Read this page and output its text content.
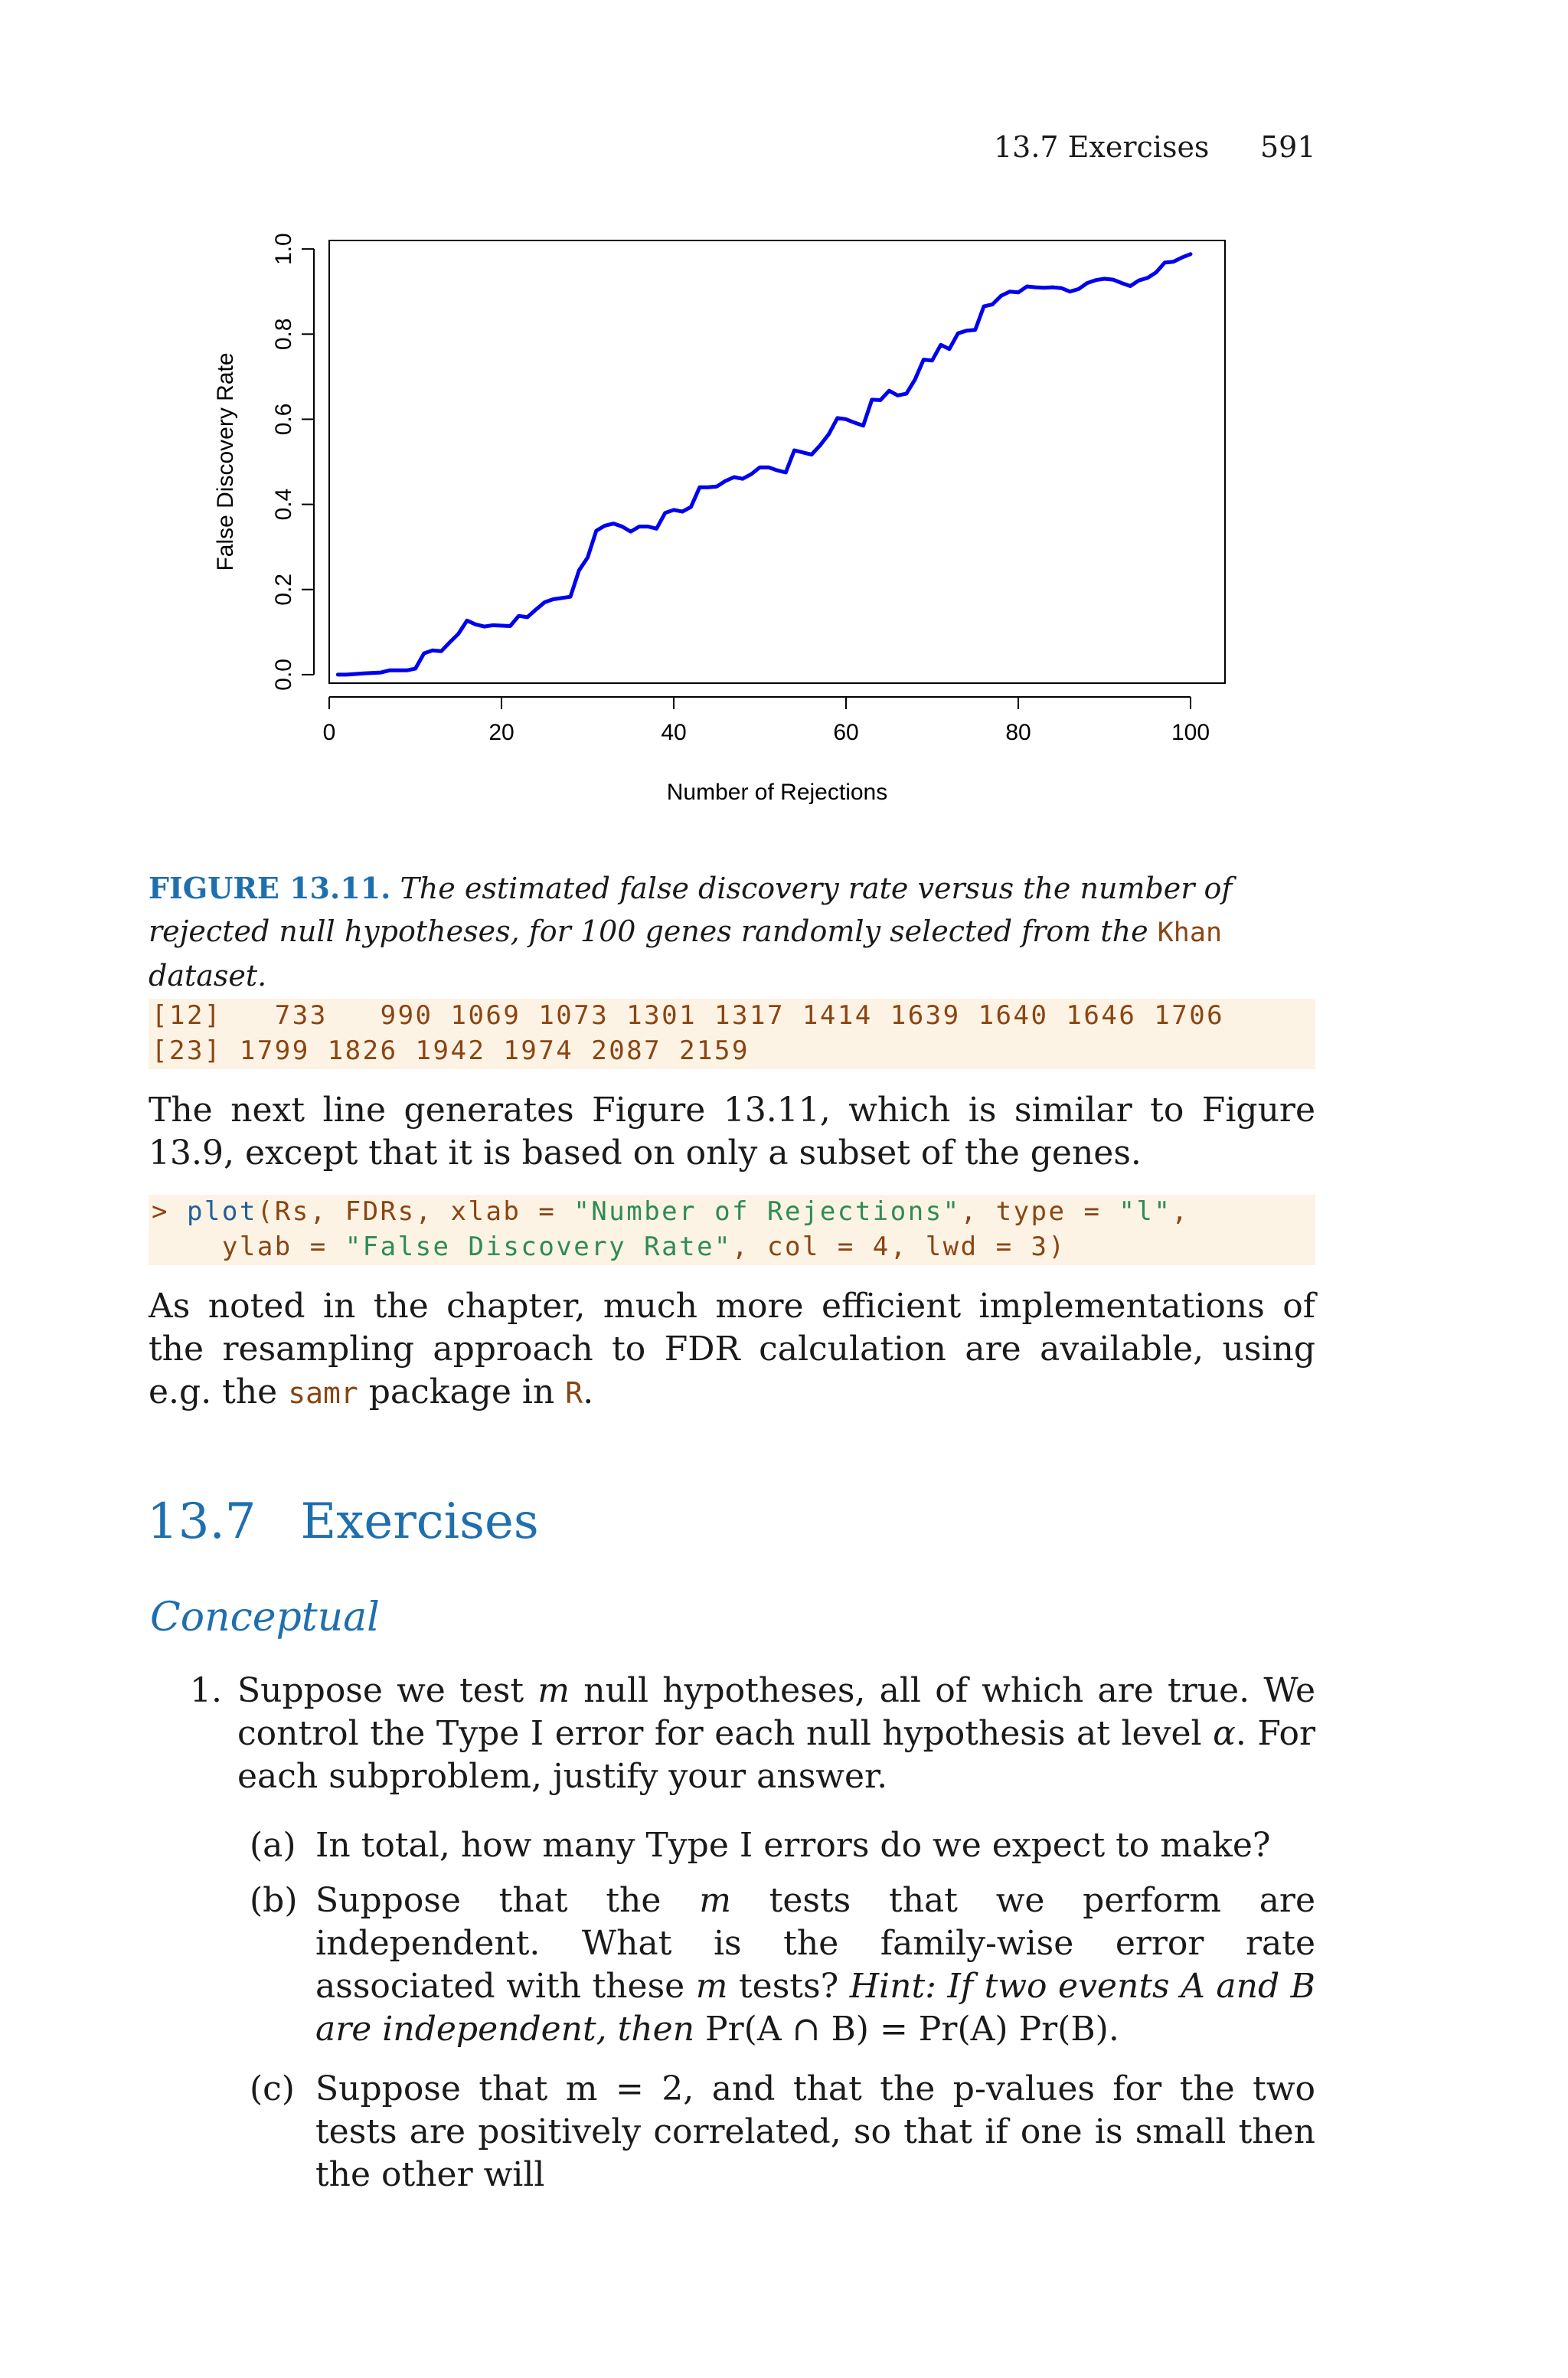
13.7 Exercises 591
0	20	40	60	80	100
Number of Rejections
0.0
0.2
0.4
0.6
0.8
1.0
False Discovery Rate
FIGURE 13.11. The estimated false discovery rate versus the number of rejected null hypotheses, for 100 genes randomly selected from the Khan dataset.
[12]   733   990 1069 1073 1301 1317 1414 1639 1640 1646 1706
[23] 1799 1826 1942 1974 2087 2159
The next line generates Figure 13.11, which is similar to Figure 13.9, except that it is based on only a subset of the genes.
> plot(Rs, FDRs, xlab = "Number of Rejections", type = "l",
ylab = "False Discovery Rate", col = 4, lwd = 3)
As noted in the chapter, much more efficient implementations of the resampling approach to FDR calculation are available, using e.g. the samr package in R.
13.7 Exercises
Conceptual
1. Suppose we test m null hypotheses, all of which are true. We control the Type I error for each null hypothesis at level α. For each subproblem, justify your answer.
(a) In total, how many Type I errors do we expect to make?
(b) Suppose that the m tests that we perform are independent. What is the family-wise error rate associated with these m tests? Hint: If two events A and B are independent, then Pr(A ∩ B) = Pr(A) Pr(B).
(c) Suppose that m = 2, and that the p-values for the two tests are positively correlated, so that if one is small then the other will
